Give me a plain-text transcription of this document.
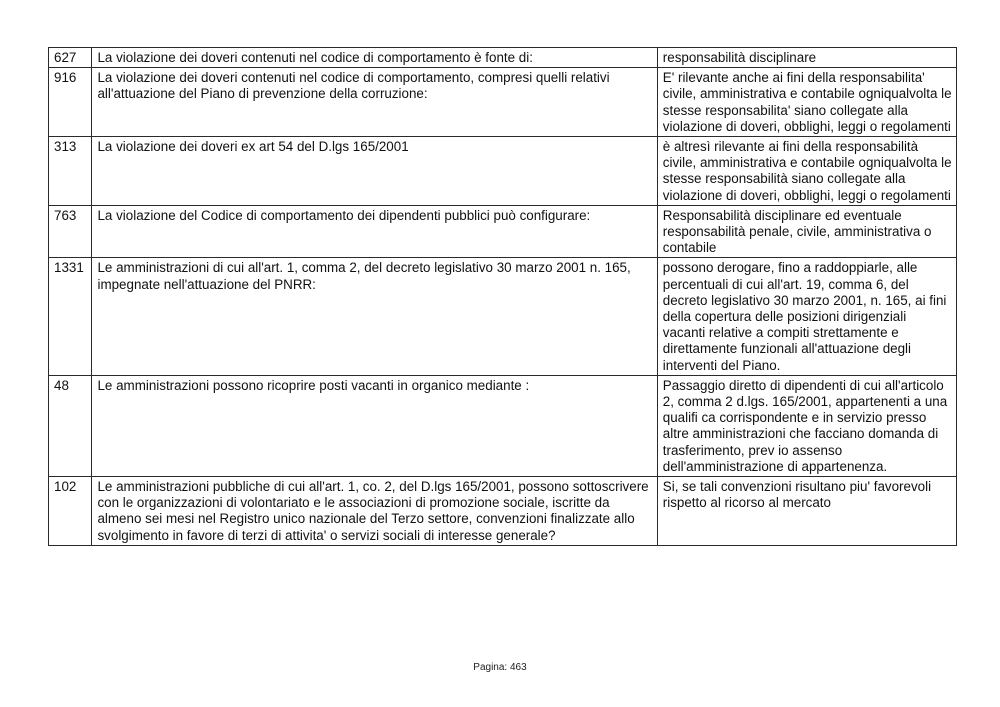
627	La violazione dei doveri contenuti nel codice di comportamento è fonte di:	responsabilità disciplinare
916	La violazione dei doveri contenuti nel codice di comportamento, compresi quelli relativi all'attuazione del Piano di prevenzione della corruzione:	E' rilevante anche ai fini della responsabilita' civile, amministrativa e contabile ogniqualvolta le stesse responsabilita' siano collegate alla violazione di doveri, obblighi, leggi o regolamenti
313	La violazione dei doveri ex art 54 del D.lgs 165/2001	è altresì rilevante ai fini della responsabilità civile, amministrativa e contabile ogniqualvolta le stesse responsabilità siano collegate alla violazione di doveri, obblighi, leggi o regolamenti
763	La violazione del Codice di comportamento dei dipendenti pubblici può configurare:	Responsabilità disciplinare ed eventuale responsabilità penale, civile, amministrativa o contabile
1331	Le amministrazioni di cui all'art. 1, comma 2, del decreto legislativo 30 marzo 2001 n. 165, impegnate nell'attuazione del PNRR:	possono derogare, fino a raddoppiarle, alle percentuali di cui all'art. 19, comma 6, del decreto legislativo 30 marzo 2001, n. 165, ai fini della copertura delle posizioni dirigenziali vacanti relative a compiti strettamente e direttamente funzionali all'attuazione degli interventi del Piano.
48	Le amministrazioni possono ricoprire posti vacanti in organico mediante :	Passaggio diretto di dipendenti di cui all'articolo 2, comma 2 d.lgs. 165/2001, appartenenti a una qualifi ca corrispondente e in servizio presso altre amministrazioni che facciano domanda di trasferimento, prev io assenso dell'amministrazione di appartenenza.
102	Le amministrazioni pubbliche di cui all'art. 1, co. 2, del D.lgs 165/2001, possono sottoscrivere con le organizzazioni di volontariato e le associazioni di promozione sociale, iscritte da almeno sei mesi nel Registro unico nazionale del Terzo settore, convenzioni finalizzate allo svolgimento in favore di terzi di attivita' o servizi sociali di interesse generale?	Si, se tali convenzioni risultano piu' favorevoli rispetto al ricorso al mercato
Pagina: 463
